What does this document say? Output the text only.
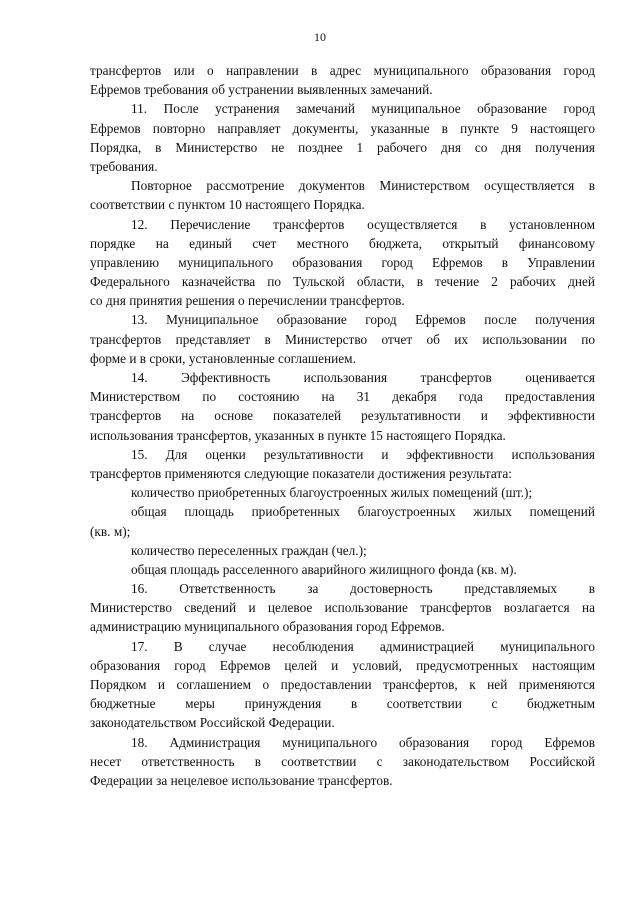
10
трансфертов или о направлении в адрес муниципального образования город
Ефремов требования об устранении выявленных замечаний.
11. После устранения замечаний муниципальное образование город
Ефремов повторно направляет документы, указанные в пункте 9 настоящего
Порядка, в Министерство не позднее 1 рабочего дня со дня получения
требования.
Повторное рассмотрение документов Министерством осуществляется в
соответствии с пунктом 10 настоящего Порядка.
12. Перечисление трансфертов осуществляется в установленном
порядке на единый счет местного бюджета, открытый финансовому
управлению муниципального образования город Ефремов в Управлении
Федерального казначейства по Тульской области, в течение 2 рабочих дней
со дня принятия решения о перечислении трансфертов.
13. Муниципальное образование город Ефремов после получения
трансфертов представляет в Министерство отчет об их использовании по
форме и в сроки, установленные соглашением.
14. Эффективность использования трансфертов оценивается
Министерством по состоянию на 31 декабря года предоставления
трансфертов на основе показателей результативности и эффективности
использования трансфертов, указанных в пункте 15 настоящего Порядка.
15. Для оценки результативности и эффективности использования
трансфертов применяются следующие показатели достижения результата:
количество приобретенных благоустроенных жилых помещений (шт.);
общая площадь приобретенных благоустроенных жилых помещений
(кв. м);
количество переселенных граждан (чел.);
общая площадь расселенного аварийного жилищного фонда (кв. м).
16. Ответственность за достоверность представляемых в
Министерство сведений и целевое использование трансфертов возлагается на
администрацию муниципального образования город Ефремов.
17. В случае несоблюдения администрацией муниципального
образования город Ефремов целей и условий, предусмотренных настоящим
Порядком и соглашением о предоставлении трансфертов, к ней применяются
бюджетные меры принуждения в соответствии с бюджетным
законодательством Российской Федерации.
18. Администрация муниципального образования город Ефремов
несет ответственность в соответствии с законодательством Российской
Федерации за нецелевое использование трансфертов.
